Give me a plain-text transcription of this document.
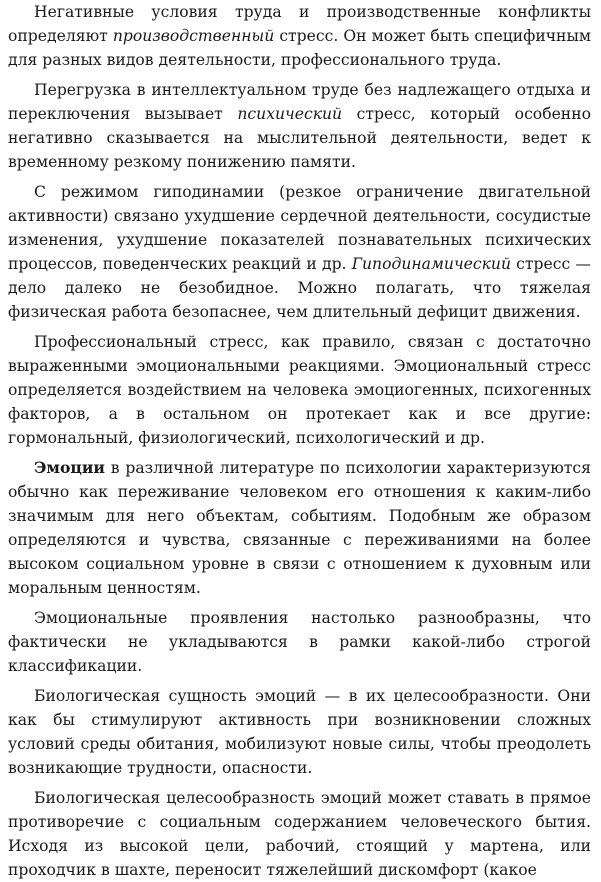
Негативные условия труда и производственные конфликты определяют производственный стресс. Он может быть специфичным для разных видов деятельности, профессионального труда.

Перегрузка в интеллектуальном труде без надлежащего отдыха и переключения вызывает психический стресс, который особенно негативно сказывается на мыслительной деятельности, ведет к временному резкому понижению памяти.

С режимом гиподинамии (резкое ограничение двигательной активности) связано ухудшение сердечной деятельности, сосудистые изменения, ухудшение показателей познавательных психических процессов, поведенческих реакций и др. Гиподинамический стресс — дело далеко не безобидное. Можно полагать, что тяжелая физическая работа безопаснее, чем длительный дефицит движения.

Профессиональный стресс, как правило, связан с достаточно выраженными эмоциональными реакциями. Эмоциональный стресс определяется воздействием на человека эмоциогенных, психогенных факторов, а в остальном он протекает как и все другие: гормональный, физиологический, психологический и др.

Эмоции в различной литературе по психологии характеризуются обычно как переживание человеком его отношения к каким-либо значимым для него объектам, событиям. Подобным же образом определяются и чувства, связанные с переживаниями на более высоком социальном уровне в связи с отношением к духовным или моральным ценностям.

Эмоциональные проявления настолько разнообразны, что фактически не укладываются в рамки какой-либо строгой классификации.

Биологическая сущность эмоций — в их целесообразности. Они как бы стимулируют активность при возникновении сложных условий среды обитания, мобилизуют новые силы, чтобы преодолеть возникающие трудности, опасности.

Биологическая целесообразность эмоций может ставать в прямое противоречие с социальным содержанием человеческого бытия. Исходя из высокой цели, рабочий, стоящий у мартена, или проходчик в шахте, переносит тяжелейший дискомфорт (какое
